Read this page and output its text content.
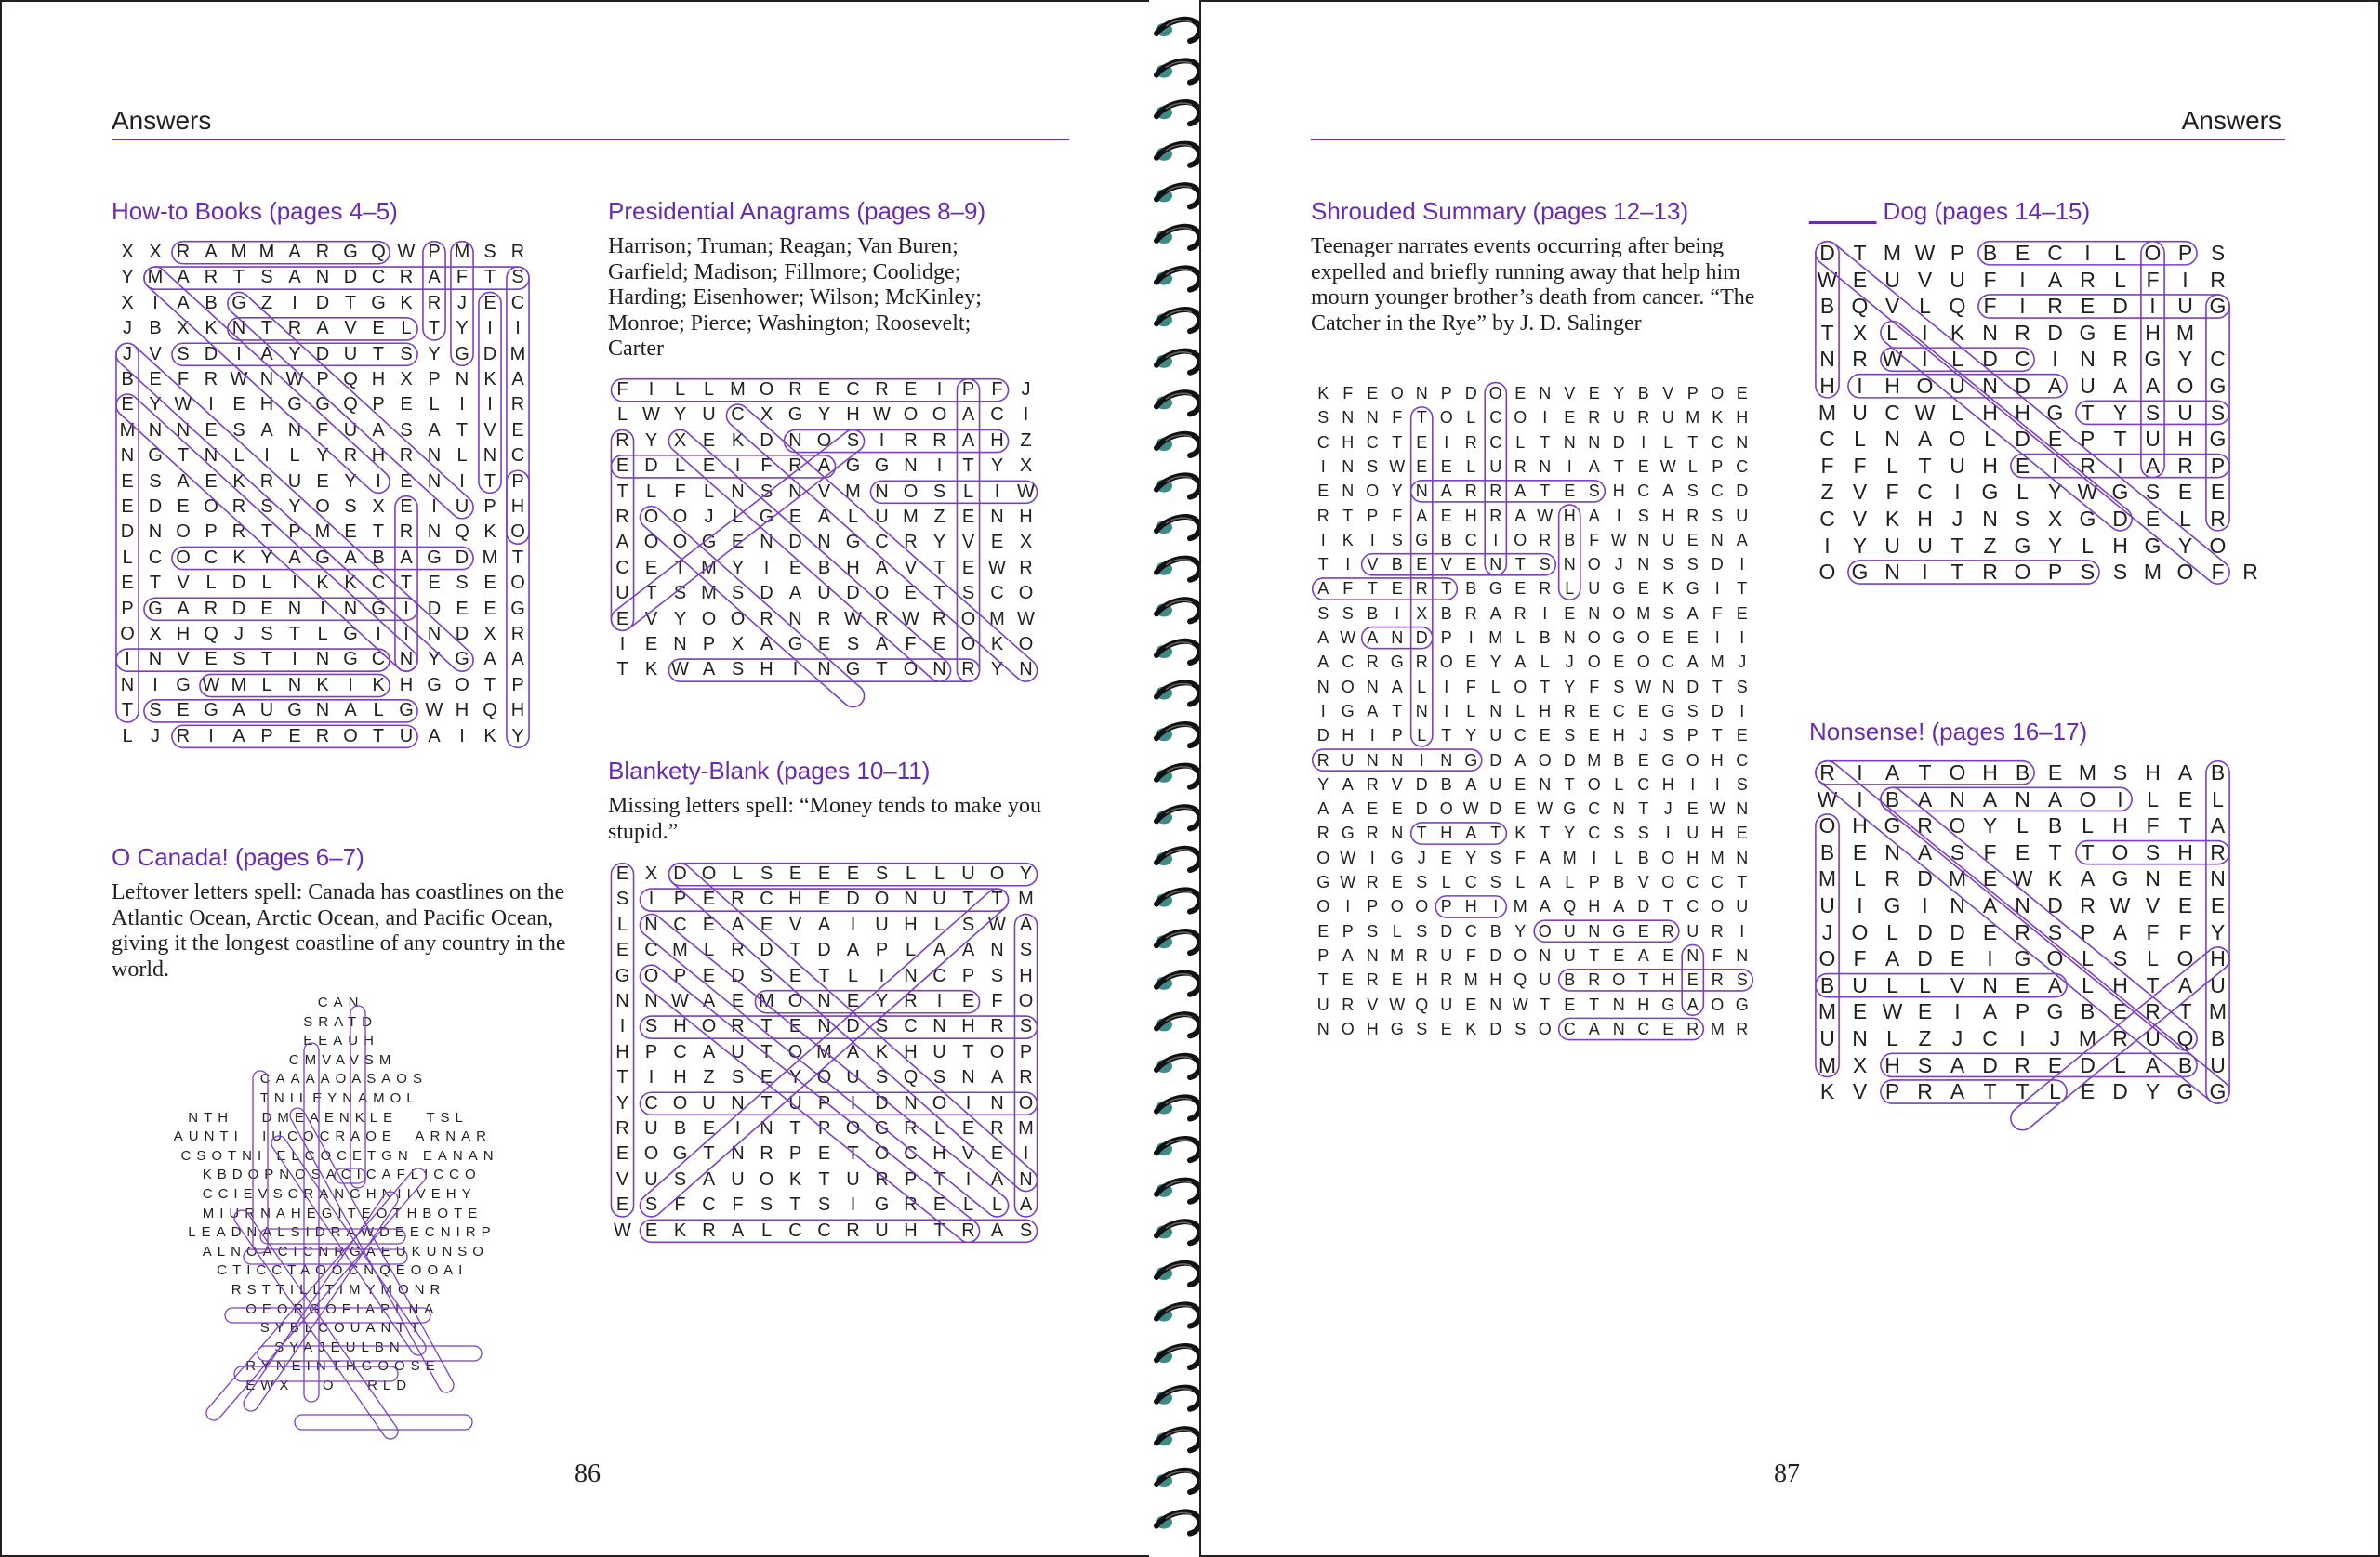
Answers
How-to Books (pages 4–5)
X X R A M M A R G Q W P M S R
Y M A R T S A N D C R A F T S
X	I	A B G Z	I D T G K R J E C
J B X K N T R A V E L T Y	I	I
J V S D	I	A Y D U T S Y G D M
B E F R W N W P Q H X P N K A
E Y W I	E H G G Q P E L	I	I R
M N N E S A N F U A S A T V E
N G T N L	I	L Y R H R N L N C
E S A E K R U E Y	I	E N	I	T P
E D E O R S Y O S X E	I U P H
D N O P R T P M E T R N Q K O
L C O C K Y A G A B A G D M T
E T V L D L	I	K K C T E S E O
P G A R D E N	I N G I D E E G
O X H Q J S T L G I	I N D X R
I N V E S T	I N G C N Y G A A
N	I G W M L N K	I	K H G O T P
T S E G A U G N A L G W H Q H
L J R	I	A P E R O T U A	I	K Y
O Canada! (pages 6–7)
Leftover letters spell: Canada has coastlines on the Atlantic Ocean, Arctic Ocean, and Pacific Ocean, giving it the longest coastline of any country in the world.
CAN
SRATD
EEAUH
CMVAVSM
CAAAAOASAOS
TNILEYNAMOL
NTH   DMEAENKLE   TSL
AUNTI  IUCOCRAOE  ARNAR
CSOTNI ELCOCETGN EANAN
KBDOPNOSACICAFLICCO
CCIEVSCRANGHNIIVEHY
MIURNAHEGITEOTHBOTE
LEADNALSIDRAWDEECNIRP
ALNOACICNRGAEUKUNSO
CTICCTAOOCNQEOOAI
RSTTILLTIMYMONR
OEORGOFIAPLNA
SYBLCOUANTT
SYAJEULBN
RYNEINTHGOOSE
EWX   O   RLD
Presidential Anagrams (pages 8–9)
Harrison; Truman; Reagan; Van Buren; Garfield; Madison; Fillmore; Coolidge; Harding; Eisenhower; Wilson; McKinley; Monroe; Pierce; Washington; Roosevelt; Carter
F	I	L L M O R E C R E	I	P F J
L W Y U C X G Y H W O O A C	I
R Y X E K D N O S	I	R R A H Z
E D L E	I	F R A G G N	I	T Y X
T L F L N S N V M N O S L	I W
R O O J	L G E A L U M Z E N H
A O O G E N D N G C R Y V E X
C E T M Y	I	E B H A V T E W R
U T S M S D A U D O E T S C O
E V Y O O R N R W R W R O M W
I	E N P X A G E S A F E O K O
T K W A S H	I	N G T O N R Y N
Blankety-Blank (pages 10–11)
Missing letters spell: “Money tends to make you stupid.”
E X D O L S E E E S L L U O Y
S	I	P E R C H E D O N U T T M
L N C E A E V A	I	U H L S W A
E C M L R D T D A P L A A N S
G O P E D S E T L	I	N C P S H
N N W A E M O N E Y R	I	E F O
I	S H O R T E N D S C N H R S
H P C A U T O M A K H U T O P
T	I	H Z S E Y O U S Q S N A R
Y C O U N T U P	I	D N O	I	N O
R U B E	I	N T P O G R L E R M
E O G T N R P E T O C H V E	I
V U S A U O K T U R P T	I	A N
E S F C F S T S	I	G R E L L A
W E K R A L C C R U H T R A S
86
Answers
Shrouded Summary (pages 12–13)
Teenager narrates events occurring after being expelled and briefly running away that help him mourn younger brother’s death from cancer. “The Catcher in the Rye” by J. D. Salinger
K F E O N P D O E N V E Y B V P O E
S N N F T O L C O I E R U R U M K H
C H C T E I R C L T N N D I	L T C N
I N S W E E L U R N I A T E W L P C
E N O Y N A R R A T E S H C A S C D
R T P F A E H R A W H A I S H R S U
I K I S G B C I O R B F W N U E N A
T	I V B E V E N T S N O J N S S D I
A F T E R T B G E R L U G E K G I	T
S S B I X B R A R I E N O M S A F E
A W A N D P I M L B N O G O E E I	I
A C R G R O E Y A L J O E O C A M J
N O N A L	I	F L O T Y F S W N D T S
I G A T N I	L N L H R E C E G S D I
D H I P L T Y U C E S E H J S P T E
R U N N I N G D A O D M B E G O H C
Y A R V D B A U E N T O L C H I	I S
A A E E D O W D E W G C N T J E W N
R G R N T H A T K T Y C S S I U H E
O W I G J E Y S F A M I	L B O H M N
G W R E S L C S L A L P B V O C C T
O I P O O P H I M A Q H A D T C O U
E P S L S D C B Y O U N G E R U R I
P A N M R U F D O N U T E A E N F N
T E R E H R M H Q U B R O T H E R S
U R V W Q U E N W T E T N H G A O G
N O H G S E K D S O C A N C E R M R
_____ Dog (pages 14–15)
D T M W P B E C	I	L O P S
W E U V U F	I	A R L F	I	R
B Q V L Q F	I	R E D	I	U G
T X L	I	K N R D G E H M
N R W I	L D C	I	N R G Y C
H	I	H O U N D A U A A O G
M U C W L H H G T Y S U S
C L N A O L D E P T U H G
F F L T U H E	I	R	I	A R P
Z V F C	I G L Y W G S E E
C V K H J N S X G D E L R
I	Y U U T Z G Y L H G Y O
O G N	I	T R O P S S M O F R
Nonsense! (pages 16–17)
R	I	A T O H B E M S H A B
W I	B A N A N A O I	L E L
O H G R O Y L B L H F T A
B E N A S F E T T O S H R
M L R D M E W K A G N E N
U	I G I	N A N D R W V E E
J O L D D E R S P A F F Y
O F A D E	I G O L S L O H
B U L L V N E A L H T A U
M E W E	I	A P G B E R T M
U N L Z J C	I	J M R U Q B
M X H S A D R E D L A B U
K V P R A T T L E D Y G G
87
